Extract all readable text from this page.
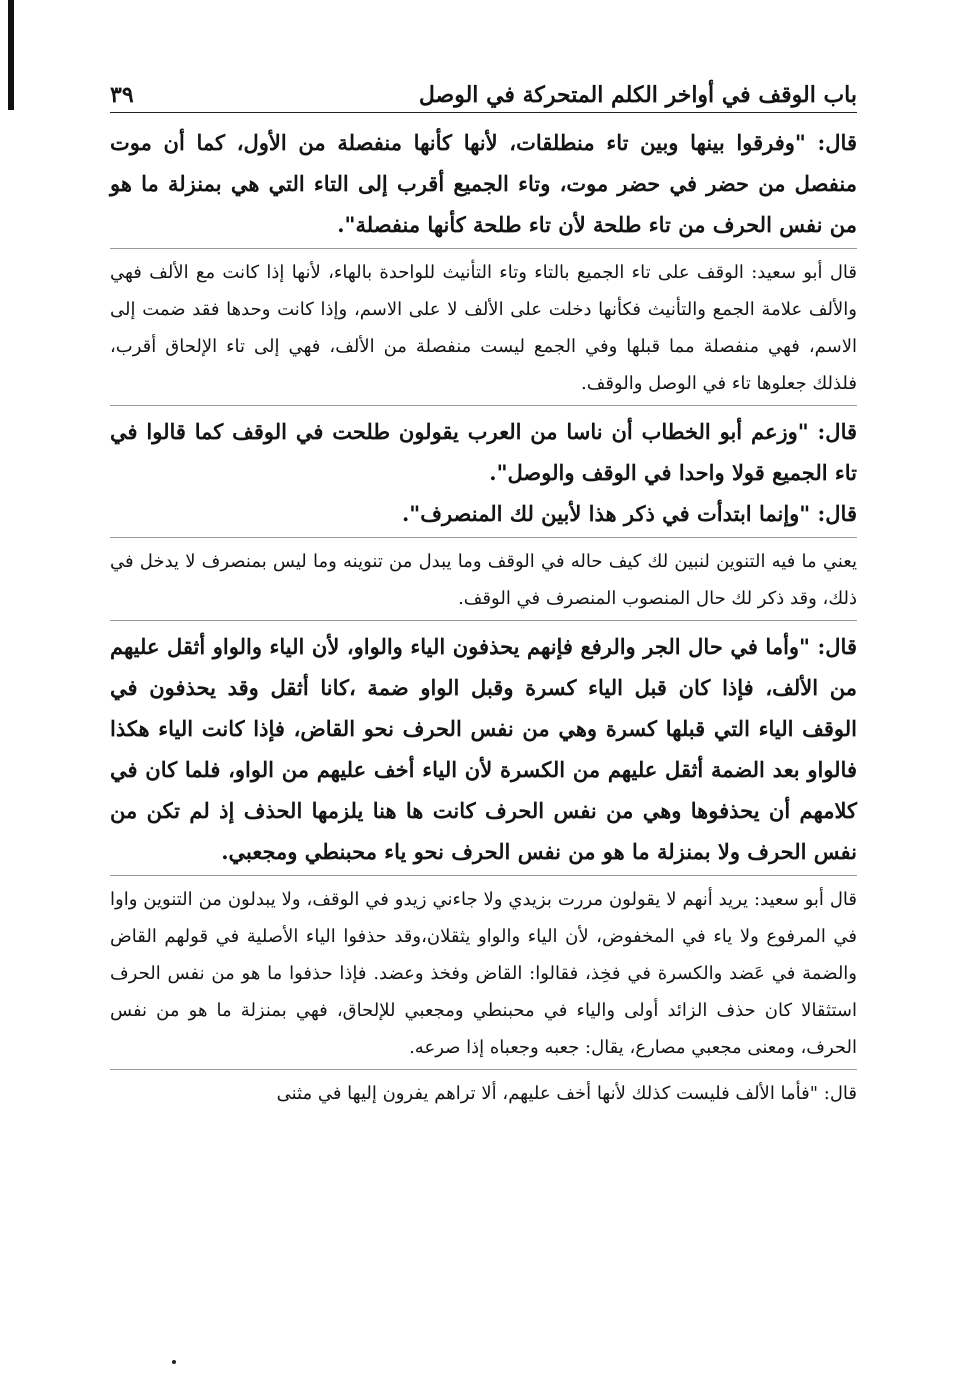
باب الوقف في أواخر الكلم المتحركة في الوصل
٣٩

قال: "وفرقوا بينها وبين تاء منطلقات، لأنها كأنها منفصلة من الأول، كما أن موت منفصل من حضر في حضر موت، وتاء الجميع أقرب إلى التاء التي هي بمنزلة ما هو من نفس الحرف من تاء طلحة لأن تاء طلحة كأنها منفصلة".

قال أبو سعيد: الوقف على تاء الجميع بالتاء وتاء التأنيث للواحدة بالهاء، لأنها إذا كانت مع الألف فهي والألف علامة الجمع والتأنيث فكأنها دخلت على الألف لا على الاسم، وإذا كانت وحدها فقد ضمت إلى الاسم، فهي منفصلة مما قبلها وفي الجمع ليست منفصلة من الألف، فهي إلى تاء الإلحاق أقرب، فلذلك جعلوها تاء في الوصل والوقف.

قال: "وزعم أبو الخطاب أن ناسا من العرب يقولون طلحت في الوقف كما قالوا في تاء الجميع قولا واحدا في الوقف والوصل".

قال: "وإنما ابتدأت في ذكر هذا لأبين لك المنصرف".

يعني ما فيه التنوين لنبين لك كيف حاله في الوقف وما يبدل من تنوينه وما ليس بمنصرف لا يدخل في ذلك، وقد ذكر لك حال المنصوب المنصرف في الوقف.

قال: "وأما في حال الجر والرفع فإنهم يحذفون الياء والواو، لأن الياء والواو أثقل عليهم من الألف، فإذا كان قبل الياء كسرة وقبل الواو ضمة ،كانا أثقل وقد يحذفون في الوقف الياء التي قبلها كسرة وهي من نفس الحرف نحو القاض، فإذا كانت الياء هكذا فالواو بعد الضمة أثقل عليهم من الكسرة لأن الياء أخف عليهم من الواو، فلما كان في كلامهم أن يحذفوها وهي من نفس الحرف كانت ها هنا يلزمها الحذف إذ لم تكن من نفس الحرف ولا بمنزلة ما هو من نفس الحرف نحو ياء محبنطي ومجعبي.

قال أبو سعيد: يريد أنهم لا يقولون مررت بزيدي ولا جاءني زيدو في الوقف، ولا يبدلون من التنوين واوا في المرفوع ولا ياء في المخفوض، لأن الياء والواو يثقلان،وقد حذفوا الياء الأصلية في قولهم القاض والضمة في عَضد والكسرة في فخِذ، فقالوا: القاض وفخذ وعضد. فإذا حذفوا ما هو من نفس الحرف استثقالا كان حذف الزائد أولى والياء في محبنطي ومجعبي للإلحاق، فهي بمنزلة ما هو من نفس الحرف، ومعنى مجعبي مصارع، يقال: جعبه وجعباه إذا صرعه.

قال: "فأما الألف فليست كذلك لأنها أخف عليهم، ألا تراهم يفرون إليها في مثنى
